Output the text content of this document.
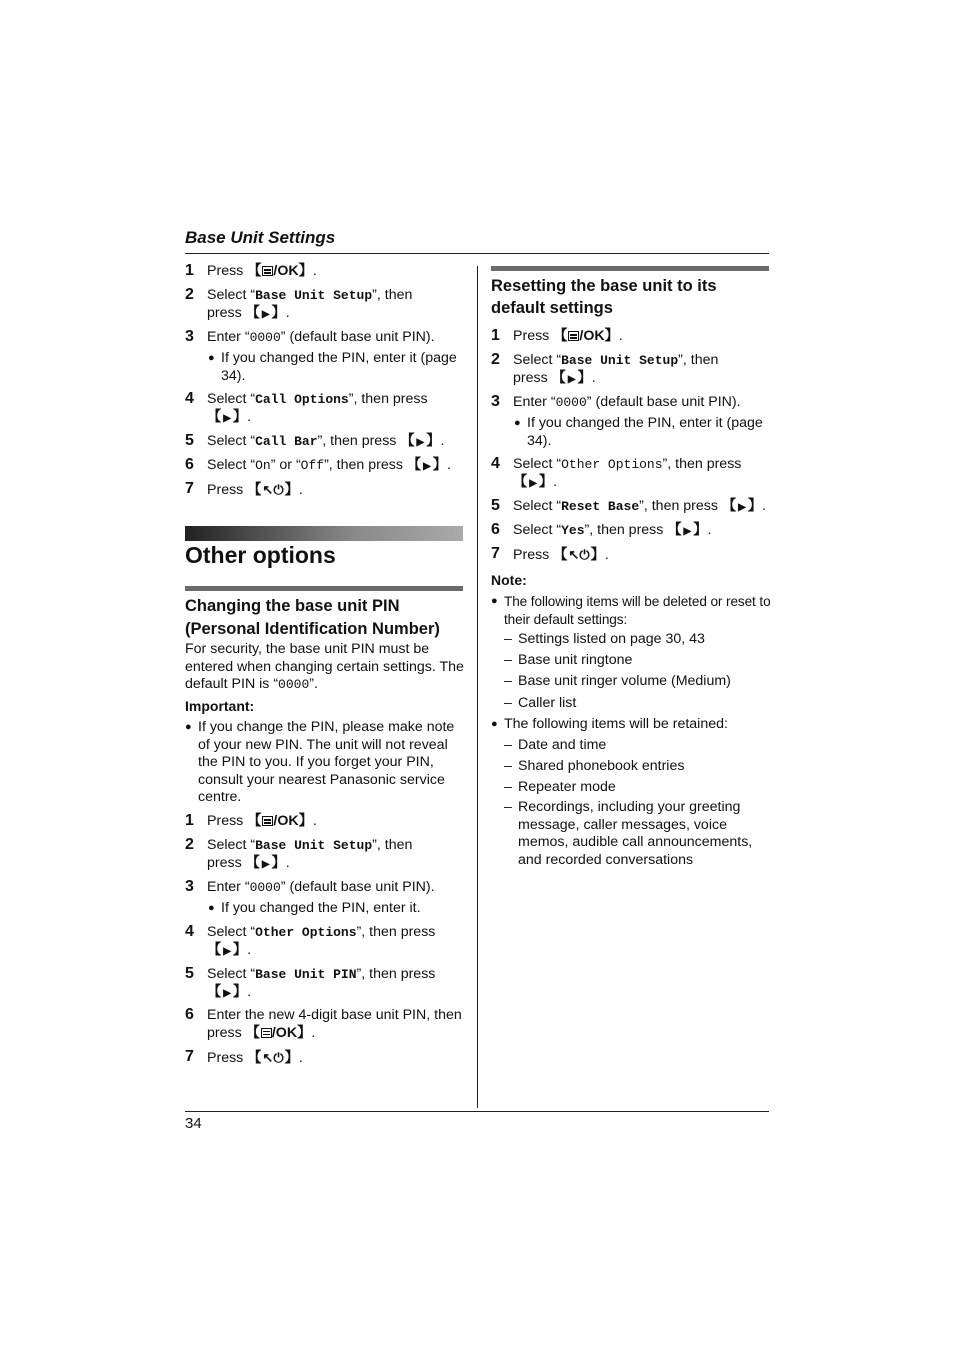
Base Unit Settings
1 Press 【 /OK】.
2 Select “Base Unit Setup”, then press 【 ▶ 】.
3 Enter “0000” (default base unit PIN).
● If you changed the PIN, enter it (page 34).
4 Select “Call Options”, then press 【 ▶ 】.
5 Select “Call Bar”, then press 【 ▶ 】.
6 Select “On” or “Off”, then press 【 ▶ 】.
7 Press 【↖⏻】.
Other options
Changing the base unit PIN (Personal Identification Number)
For security, the base unit PIN must be entered when changing certain settings. The default PIN is “0000”.
Important:
● If you change the PIN, please make note of your new PIN. The unit will not reveal the PIN to you. If you forget your PIN, consult your nearest Panasonic service centre.
1 Press 【 /OK】.
2 Select “Base Unit Setup”, then press 【 ▶ 】.
3 Enter “0000” (default base unit PIN).
● If you changed the PIN, enter it.
4 Select “Other Options”, then press 【 ▶ 】.
5 Select “Base Unit PIN”, then press 【 ▶ 】.
6 Enter the new 4-digit base unit PIN, then press 【 /OK】.
7 Press 【↖⏻】.
Resetting the base unit to its default settings
1 Press 【 /OK】.
2 Select “Base Unit Setup”, then press 【 ▶ 】.
3 Enter “0000” (default base unit PIN).
● If you changed the PIN, enter it (page 34).
4 Select “Other Options”, then press 【 ▶ 】.
5 Select “Reset Base”, then press 【 ▶ 】.
6 Select “Yes”, then press 【 ▶ 】.
7 Press 【↖⏻】.
Note:
● The following items will be deleted or reset to their default settings:
– Settings listed on page 30, 43
– Base unit ringtone
– Base unit ringer volume (Medium)
– Caller list
● The following items will be retained:
– Date and time
– Shared phonebook entries
– Repeater mode
– Recordings, including your greeting message, caller messages, voice memos, audible call announcements, and recorded conversations
34
